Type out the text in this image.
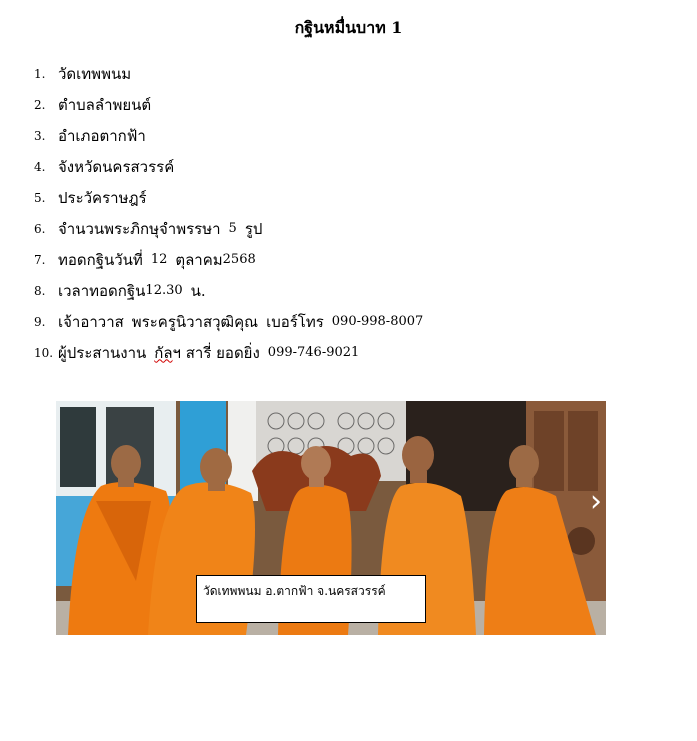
กฐินหมื่นบาท 1
1. วัดเทพพนม
2. ตำบลลำพยนต์
3. อำเภอตากฟ้า
4. จังหวัดนครสวรรค์
5. ประวัคราษฎร์
6. จำนวนพระภิกษุจำพรรษา 5 รูป
7. ทอดกฐินวันที่ 12 ตุลาคม 2568
8. เวลาทอดกฐิน 12.30 น.
9. เจ้าอาวาส พระครูนิวาสวุฒิคุณ เบอร์โทร 090-998-8007
10. ผู้ประสานงาน กัล ฯ สารี่ ยอดยิ่ง 099-746-9021
›
วัดเทพพนม อ.ตากฟ้า จ.นครสวรรค์
